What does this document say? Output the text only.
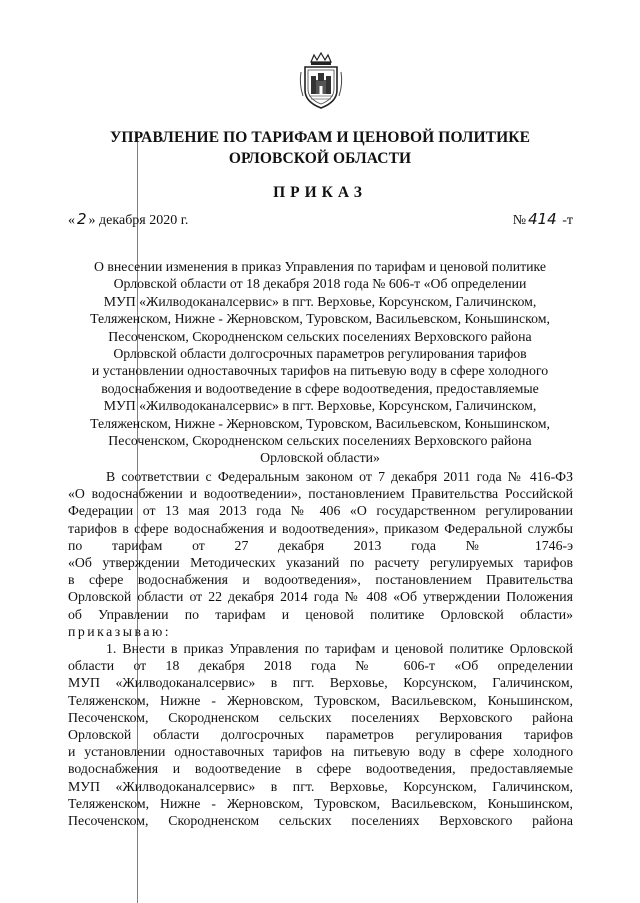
УПРАВЛЕНИЕ ПО ТАРИФАМ И ЦЕНОВОЙ ПОЛИТИКЕ
ОРЛОВСКОЙ ОБЛАСТИ
ПРИКАЗ
« 2 » декабря 2020 г.	№ 414 -т
О внесении изменения в приказ Управления по тарифам и ценовой политике
Орловской области от 18 декабря 2018 года № 606-т «Об определении
МУП «Жилводоканалсервис» в пгт. Верховье, Корсунском, Галичинском,
Теляженском, Нижне - Жерновском, Туровском, Васильевском, Коньшинском,
Песоченском, Скородненском сельских поселениях Верховского района
Орловской области долгосрочных параметров регулирования тарифов
и установлении одноставочных тарифов на питьевую воду в сфере холодного
водоснабжения и водоотведение в сфере водоотведения, предоставляемые
МУП «Жилводоканалсервис» в пгт. Верховье, Корсунском, Галичинском,
Теляженском, Нижне - Жерновском, Туровском, Васильевском, Коньшинском,
Песоченском, Скородненском сельских поселениях Верховского района
Орловской области»
В соответствии с Федеральным законом от 7 декабря 2011 года № 416-ФЗ
«О водоснабжении и водоотведении», постановлением Правительства Российской
Федерации от 13 мая 2013 года № 406 «О государственном регулировании
тарифов в сфере водоснабжения и водоотведения», приказом Федеральной службы
по тарифам от 27 декабря 2013 года № 1746-э
«Об утверждении Методических указаний по расчету регулируемых тарифов
в сфере водоснабжения и водоотведения», постановлением Правительства
Орловской области от 22 декабря 2014 года № 408 «Об утверждении Положения
об Управлении по тарифам и ценовой политике Орловской области»
приказываю:
1. Внести в приказ Управления по тарифам и ценовой политике Орловской
области от 18 декабря 2018 года № 606-т «Об определении
МУП «Жилводоканалсервис» в пгт. Верховье, Корсунском, Галичинском,
Теляженском, Нижне - Жерновском, Туровском, Васильевском, Коньшинском,
Песоченском, Скородненском сельских поселениях Верховского района
Орловской области долгосрочных параметров регулирования тарифов
и установлении одноставочных тарифов на питьевую воду в сфере холодного
водоснабжения и водоотведение в сфере водоотведения, предоставляемые
МУП «Жилводоканалсервис» в пгт. Верховье, Корсунском, Галичинском,
Теляженском, Нижне - Жерновском, Туровском, Васильевском, Коньшинском,
Песоченском, Скородненском сельских поселениях Верховского района
